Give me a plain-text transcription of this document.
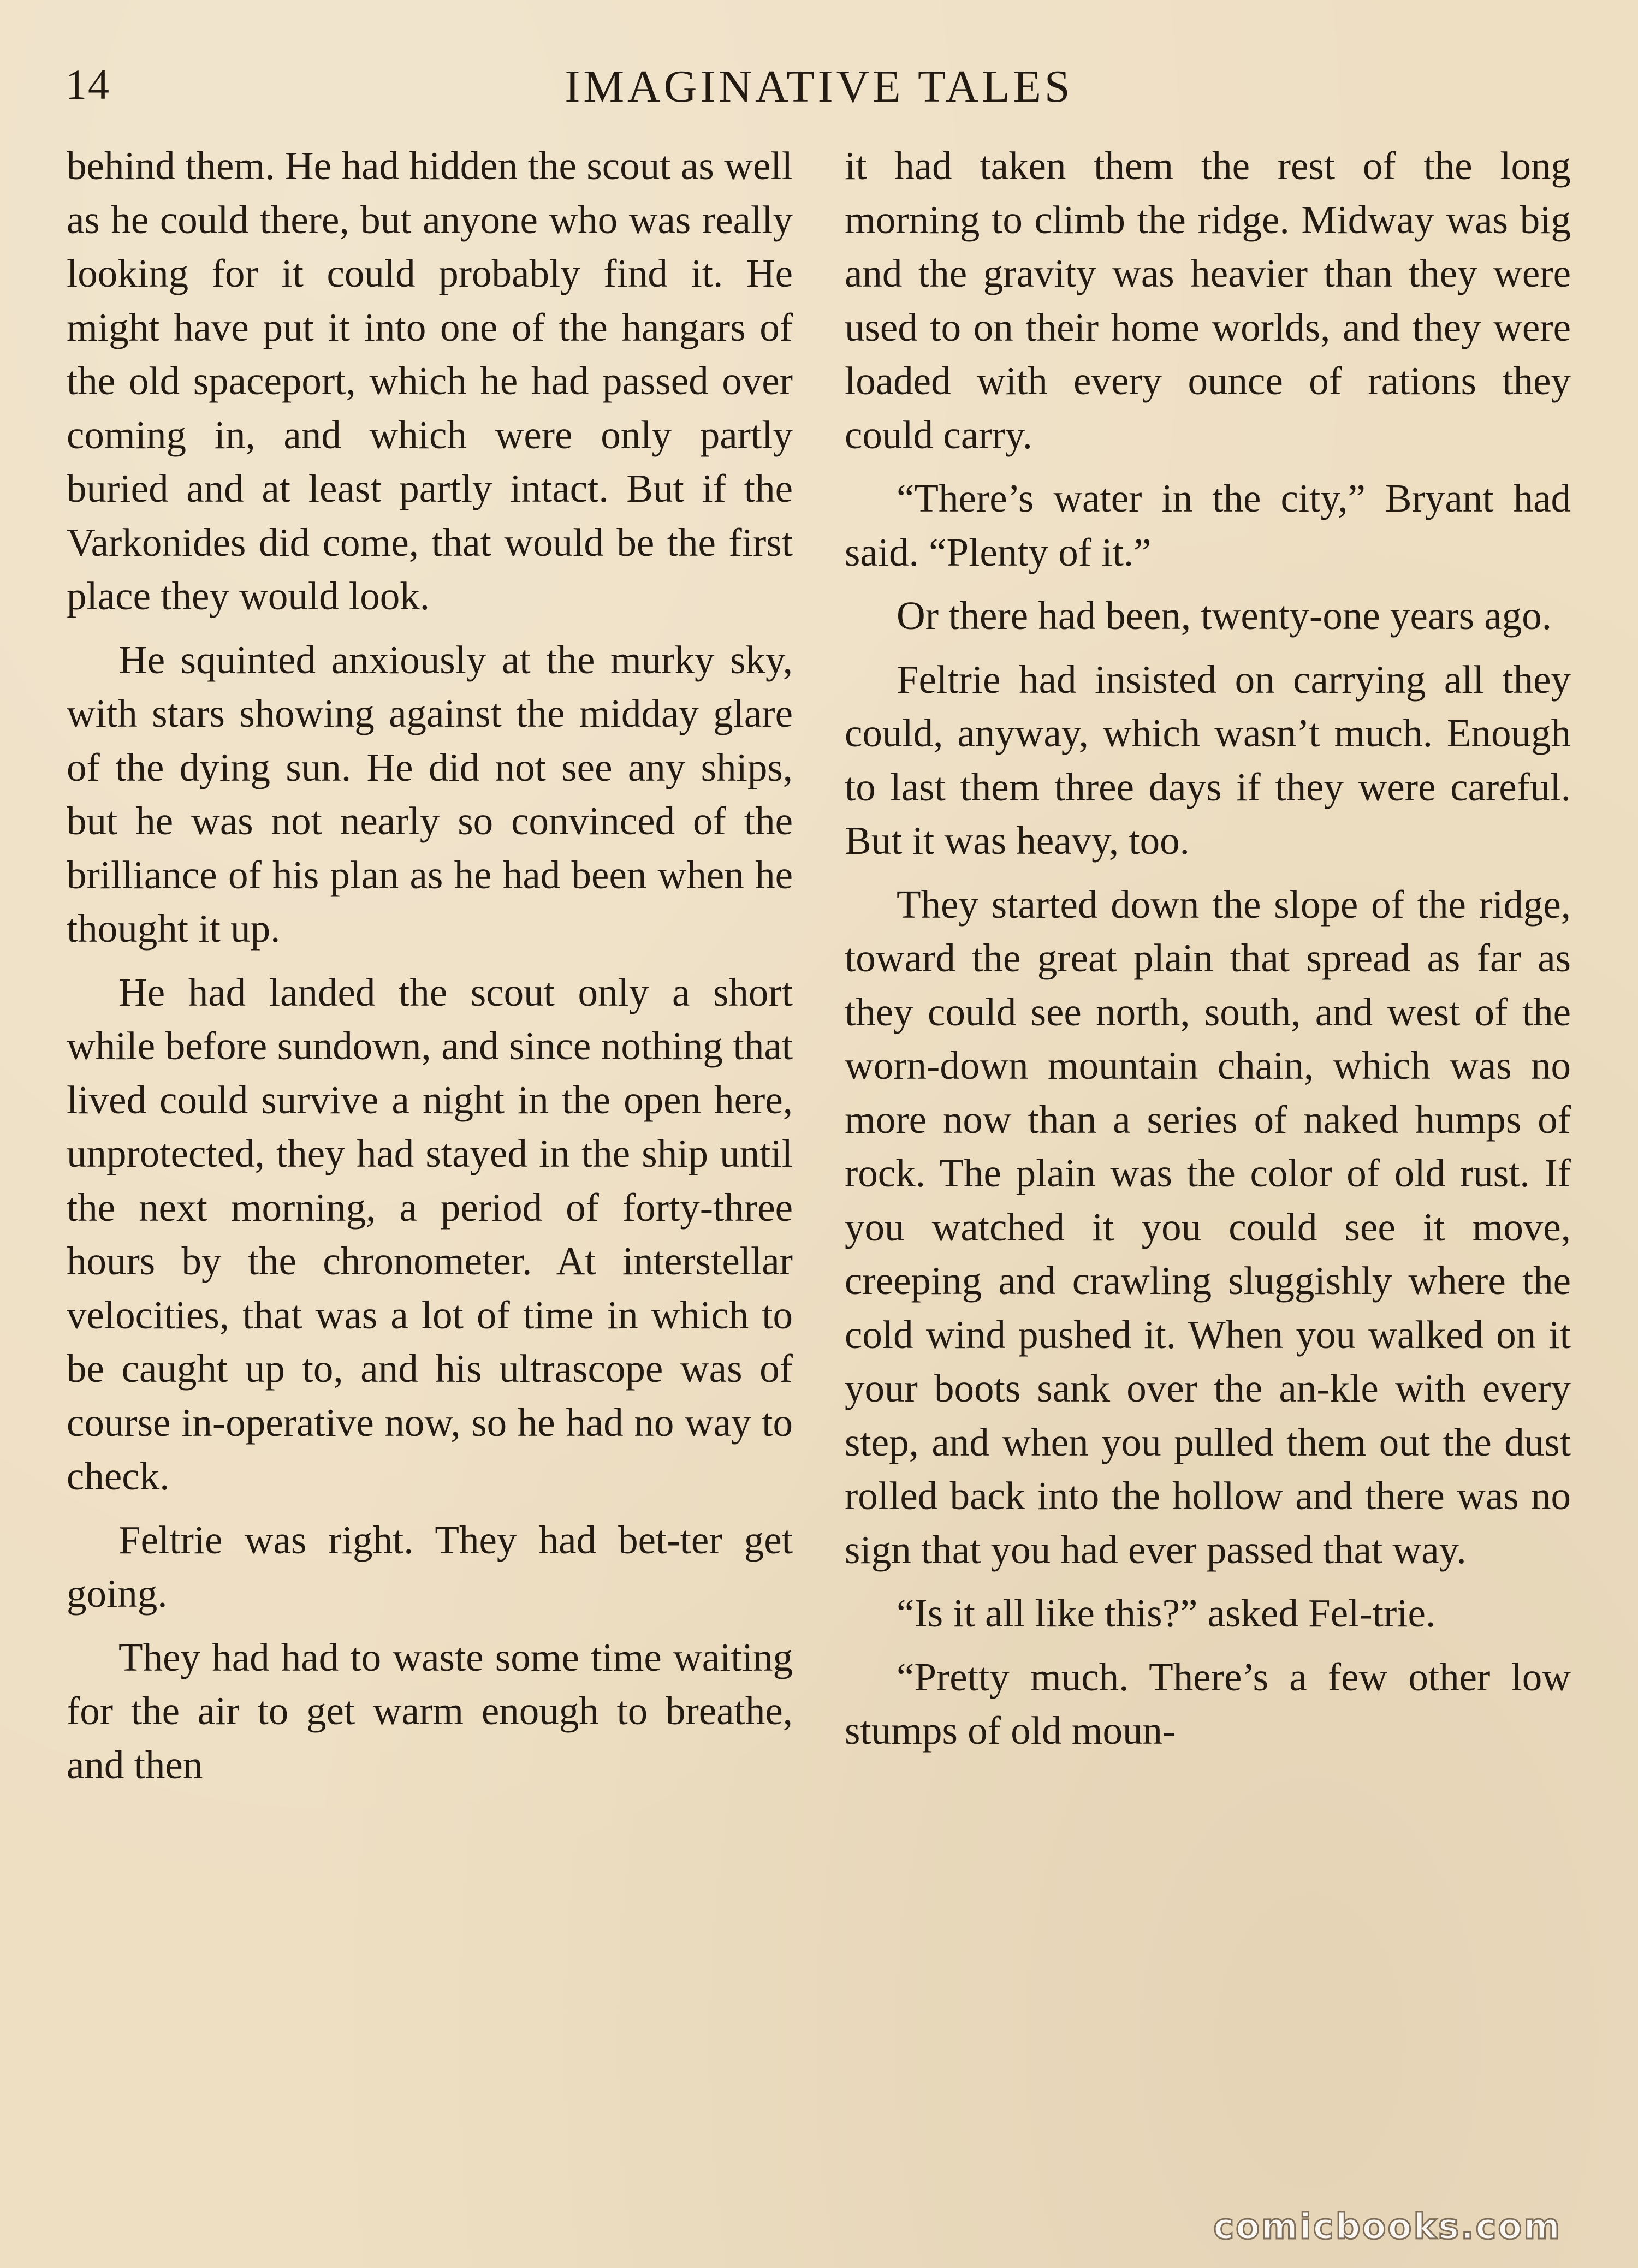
14	IMAGINATIVE TALES

behind them. He had hidden the scout as well as he could there, but anyone who was really looking for it could probably find it. He might have put it into one of the hangars of the old spaceport, which he had passed over coming in, and which were only partly buried and at least partly intact. But if the Varkonides did come, that would be the first place they would look.

He squinted anxiously at the murky sky, with stars showing against the midday glare of the dying sun. He did not see any ships, but he was not nearly so convinced of the brilliance of his plan as he had been when he thought it up.

He had landed the scout only a short while before sundown, and since nothing that lived could survive a night in the open here, unprotected, they had stayed in the ship until the next morning, a period of forty-three hours by the chronometer. At interstellar velocities, that was a lot of time in which to be caught up to, and his ultrascope was of course in-operative now, so he had no way to check.

Feltrie was right. They had bet-ter get going.

They had had to waste some time waiting for the air to get warm enough to breathe, and then

it had taken them the rest of the long morning to climb the ridge. Midway was big and the gravity was heavier than they were used to on their home worlds, and they were loaded with every ounce of rations they could carry.

“There’s water in the city,” Bryant had said. “Plenty of it.”

Or there had been, twenty-one years ago.

Feltrie had insisted on carrying all they could, anyway, which wasn’t much. Enough to last them three days if they were careful. But it was heavy, too.

They started down the slope of the ridge, toward the great plain that spread as far as they could see north, south, and west of the worn-down mountain chain, which was no more now than a series of naked humps of rock. The plain was the color of old rust. If you watched it you could see it move, creeping and crawling sluggishly where the cold wind pushed it. When you walked on it your boots sank over the an-kle with every step, and when you pulled them out the dust rolled back into the hollow and there was no sign that you had ever passed that way.

“Is it all like this?” asked Fel-trie.

“Pretty much. There’s a few other low stumps of old moun-

comicbooks.com
